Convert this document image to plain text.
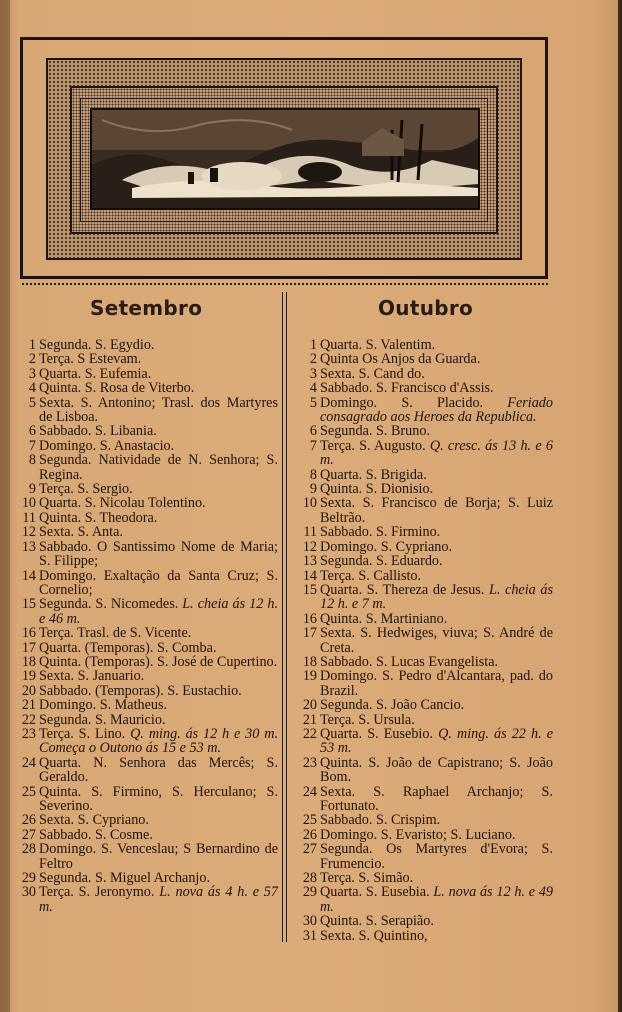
Setembro	Outubro
1 Segunda. S. Egydio.
2 Terça. S Estevam.
3 Quarta. S. Eufemia.
4 Quinta. S. Rosa de Viterbo.
5 Sexta. S. Antonino; Trasl. dos Martyres de Lisboa.
6 Sabbado. S. Libania.
7 Domingo. S. Anastacio.
8 Segunda. Natividade de N. Senhora; S. Regina.
9 Terça. S. Sergio.
10 Quarta. S. Nicolau Tolentino.
11 Quinta. S. Theodora.
12 Sexta. S. Anta.
13 Sabbado. O Santissimo Nome de Maria; S. Filippe;
14 Domingo. Exaltação da Santa Cruz; S. Cornelio;
15 Segunda. S. Nicomedes. L. cheia ás 12 h. e 46 m.
16 Terça. Trasl. de S. Vicente.
17 Quarta. (Temporas). S. Comba.
18 Quinta. (Temporas). S. José de Cupertino.
19 Sexta. S. Januario.
20 Sabbado. (Temporas). S. Eustachio.
21 Domingo. S. Matheus.
22 Segunda. S. Mauricio.
23 Terça. S. Lino. Q. ming. ás 12 h e 30 m. Começa o Outono ás 15 e 53 m.
24 Quarta. N. Senhora das Mercês; S. Geraldo.
25 Quinta. S. Firmino, S. Herculano; S. Severino.
26 Sexta. S. Cypriano.
27 Sabbado. S. Cosme.
28 Domingo. S. Venceslau; S Bernardino de Feltro
29 Segunda. S. Miguel Archanjo.
30 Terça. S. Jeronymo. L. nova ás 4 h. e 57 m.
1 Quarta. S. Valentim.
2 Quinta Os Anjos da Guarda.
3 Sexta. S. Cand do.
4 Sabbado. S. Francisco d'Assis.
5 Domingo. S. Placido. Feriado consagrado aos Heroes da Republica.
6 Segunda. S. Bruno.
7 Terça. S. Augusto. Q. cresc. ás 13 h. e 6 m.
8 Quarta. S. Brigida.
9 Quinta. S. Dionisio.
10 Sexta. S. Francisco de Borja; S. Luiz Beltrão.
11 Sabbado. S. Firmino.
12 Domingo. S. Cypriano.
13 Segunda. S. Eduardo.
14 Terça. S. Callisto.
15 Quarta. S. Thereza de Jesus. L. cheia ás 12 h. e 7 m.
16 Quinta. S. Martiniano.
17 Sexta. S. Hedwiges, viuva; S. André de Creta.
18 Sabbado. S. Lucas Evangelista.
19 Domingo. S. Pedro d'Alcantara, pad. do Brazil.
20 Segunda. S. João Cancio.
21 Terça. S. Ursula.
22 Quarta. S. Eusebio. Q. ming. ás 22 h. e 53 m.
23 Quinta. S. João de Capistrano; S. João Bom.
24 Sexta. S. Raphael Archanjo; S. Fortunato.
25 Sabbado. S. Crispim.
26 Domingo. S. Evaristo; S. Luciano.
27 Segunda. Os Martyres d'Evora; S. Frumencio.
28 Terça. S. Simão.
29 Quarta. S. Eusebia. L. nova ás 12 h. e 49 m.
30 Quinta. S. Serapião.
31 Sexta. S. Quintino,
